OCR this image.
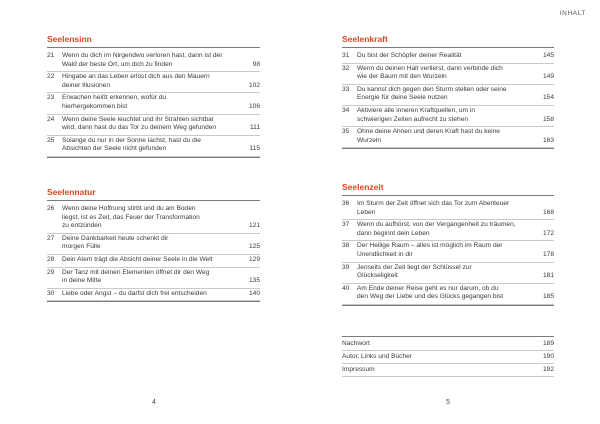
Seelensinn
21 Wenn du dich im Nirgendwo verloren hast, dann ist der
Wald der beste Ort, um dich zu finden	98
22 Hingabe an das Leben erlöst dich aus den Mauern
deiner Illusionen	102
23 Erwachen heißt erkennen, wofür du
hierhergekommen bist	106
24 Wenn deine Seele leuchtet und ihr Strahlen sichtbar
wird, dann hast du das Tor zu deinem Weg gefunden	111
25 Solange du nur in der Sonne lachst, hast du die
Absichten der Seele nicht gefunden	115
Seelennatur
26 Wenn deine Hoffnung stirbt und du am Boden
liegst, ist es Zeit, das Feuer der Transformation
zu entzünden	121
27 Deine Dankbarkeit heute schenkt dir
morgen Fülle	125
28 Dein Atem trägt die Absicht deiner Seele in die Welt	129
29 Der Tanz mit deinen Elementen öffnet dir den Weg
in deine Mitte	135
30 Liebe oder Angst – du darfst dich frei entscheiden	140
4
INHALT
Seelenkraft
31 Du bist der Schöpfer deiner Realität	145
32 Wenn du deinen Halt verlierst, dann verbinde dich
wie der Baum mit den Wurzeln	149
33 Du kannst dich gegen den Sturm stellen oder seine
Energie für deine Seele nutzen	154
34 Aktiviere alle inneren Kraftquellen, um in
schwierigen Zeiten aufrecht zu stehen	158
35 Ohne deine Ahnen und deren Kraft hast du keine
Wurzeln	163
Seelenzeit
36 Im Sturm der Zeit öffnet sich das Tor zum Abenteuer
Leben	168
37 Wenn du aufhörst, von der Vergangenheit zu träumen,
dann beginnt dein Leben	172
38 Der Heilige Raum – alles ist möglich im Raum der
Unendlichkeit in dir	178
39 Jenseits der Zeit liegt der Schlüssel zur
Glückseligkeit	181
40 Am Ende deiner Reise geht es nur darum, ob du
den Weg der Liebe und des Glücks gegangen bist	185
Nachwort	189
Autor, Links und Bücher	190
Impressum	192
5
